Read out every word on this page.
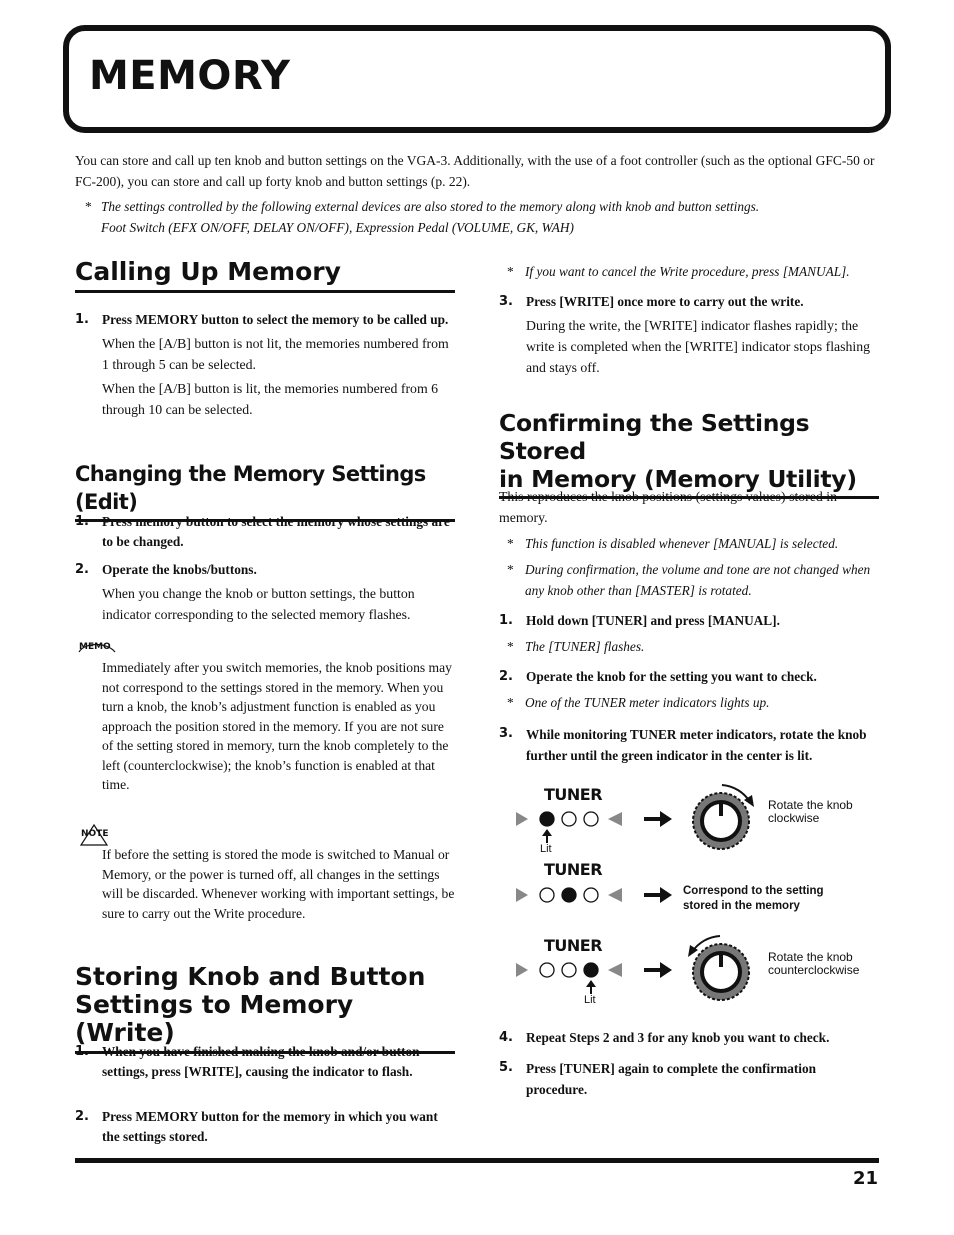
MEMORY

You can store and call up ten knob and button settings on the VGA-3. Additionally, with the use of a foot controller (such as the optional GFC-50 or FC-200), you can store and call up forty knob and button settings (p. 22).

* The settings controlled by the following external devices are also stored to the memory along with knob and button settings.
Foot Switch (EFX ON/OFF, DELAY ON/OFF), Expression Pedal (VOLUME, GK, WAH)
Calling Up Memory
1. Press MEMORY button to select the memory to be called up.
When the [A/B] button is not lit, the memories numbered from 1 through 5 can be selected.
When the [A/B] button is lit, the memories numbered from 6 through 10 can be selected.
Changing the Memory Settings (Edit)
1. Press memory button to select the memory whose settings are to be changed.
2. Operate the knobs/buttons.
When you change the knob or button settings, the button indicator corresponding to the selected memory flashes.
MEMO
Immediately after you switch memories, the knob positions may not correspond to the settings stored in the memory. When you turn a knob, the knob’s adjustment function is enabled as you approach the position stored in the memory. If you are not sure of the setting stored in memory, turn the knob completely to the left (counterclockwise); the knob’s function is enabled at that time.
NOTE
If before the setting is stored the mode is switched to Manual or Memory, or the power is turned off, all changes in the settings will be discarded. Whenever working with important settings, be sure to carry out the Write procedure.
Storing Knob and Button
Settings to Memory (Write)
1. When you have finished making the knob and/or button settings, press [WRITE], causing the indicator to flash.
2. Press MEMORY button for the memory in which you want the settings stored.
* If you want to cancel the Write procedure, press [MANUAL].
3. Press [WRITE] once more to carry out the write.
During the write, the [WRITE] indicator flashes rapidly; the write is completed when the [WRITE] indicator stops flashing and stays off.
Confirming the Settings Stored
in Memory (Memory Utility)
This reproduces the knob positions (settings values) stored in memory.
* This function is disabled whenever [MANUAL] is selected.
* During confirmation, the volume and tone are not changed when any knob other than [MASTER] is rotated.
1. Hold down [TUNER] and press [MANUAL].
* The [TUNER] flashes.
2. Operate the knob for the setting you want to check.
* One of the TUNER meter indicators lights up.
3. While monitoring TUNER meter indicators, rotate the knob further until the green indicator in the center is lit.
4. Repeat Steps 2 and 3 for any knob you want to check.
5. Press [TUNER] again to complete the confirmation procedure.
TUNER
Lit
Rotate the knob
clockwise
TUNER
Correspond to the setting
stored in the memory
TUNER
Lit
Rotate the knob
counterclockwise
21
